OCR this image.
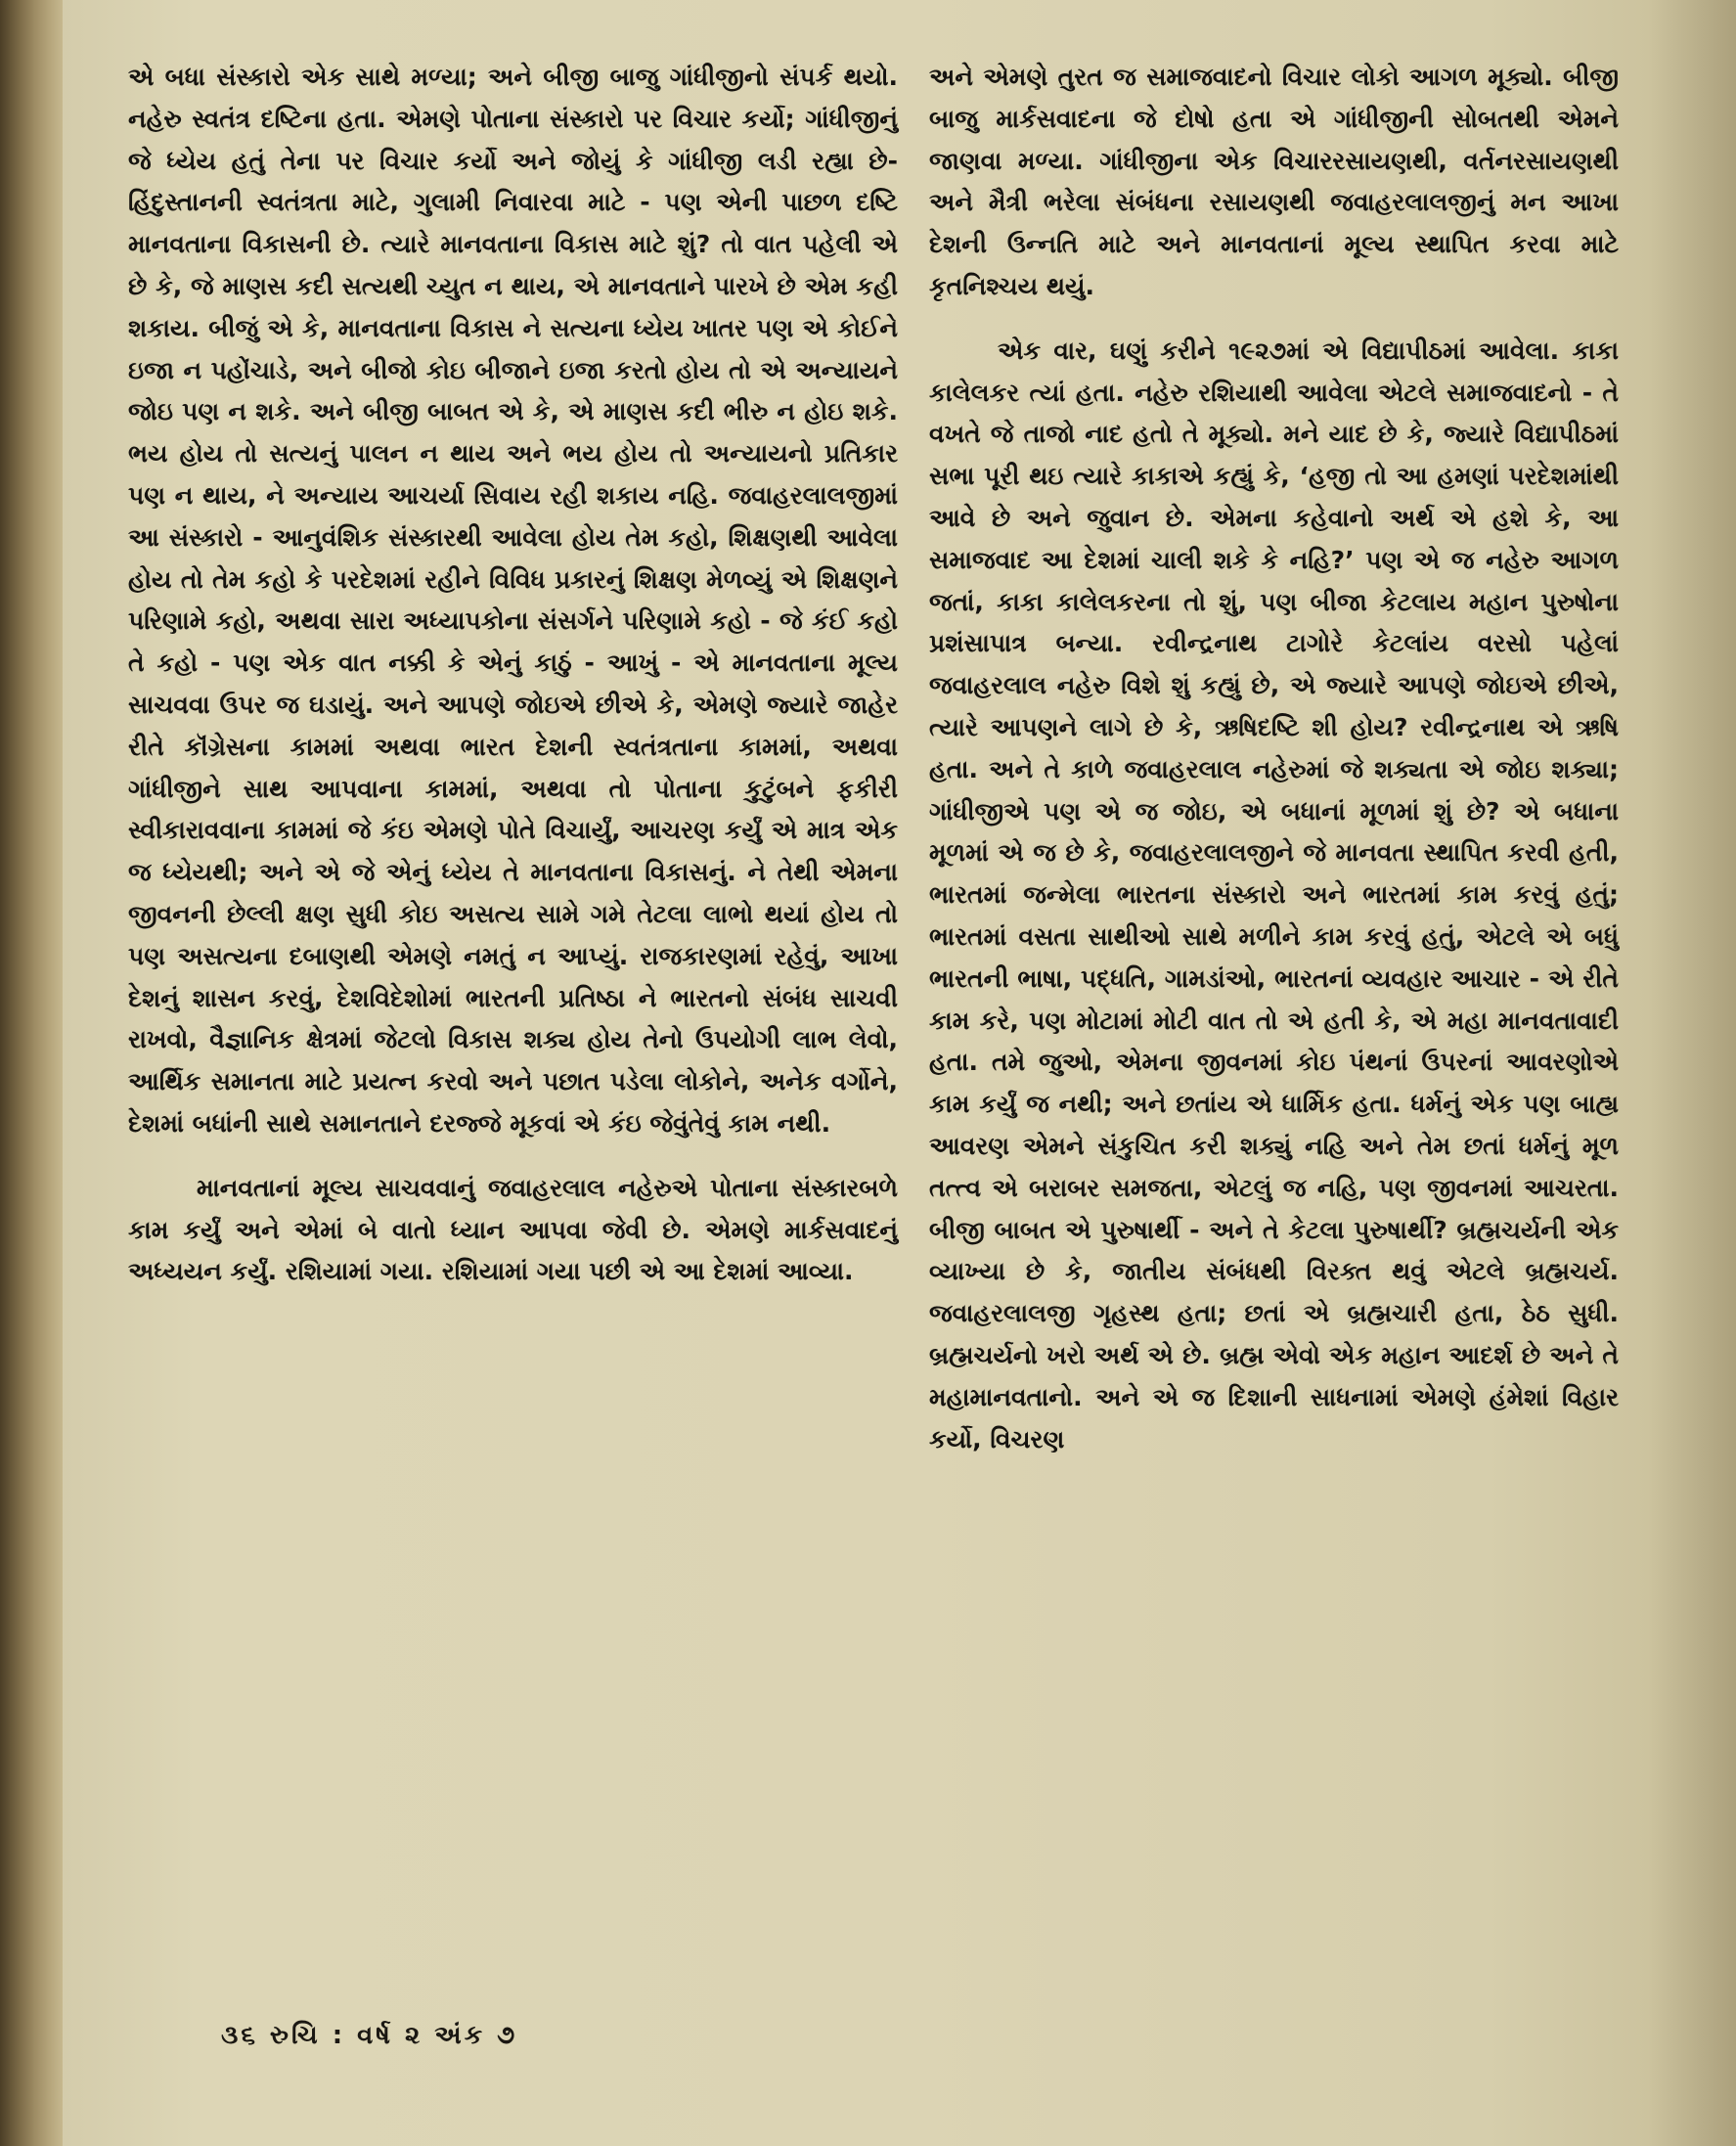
એ બધા સંસ્કારો એક સાથે મળ્યા; અને બીજી બાજુ ગાંધીજીનો સંપર્ક થયો. નહેરુ સ્વતંત્ર દષ્ટિના હતા. એમણે પોતાના સંસ્કારો પર વિચાર કર્યો; ગાંધીજીનું જે ધ્યેય હતું તેના પર વિચાર કર્યો અને જોયું કે ગાંધીજી લડી રહ્યા છે- હિંદુસ્તાનની સ્વતંત્રતા માટે, ગુલામી નિવારવા માટે - પણ એની પાછળ દષ્ટિ માનવતાના વિકાસની છે. ત્યારે માનવતાના વિકાસ માટે શું? તો વાત પહેલી એ છે કે, જે માણસ કદી સત્યથી ચ્યુત ન થાય, એ માનવતાને પારખે છે એમ કહી શકાય. બીજું એ કે, માનવતાના વિકાસ ને સત્યના ધ્યેય ખાતર પણ એ કોઈને ઇજા ન પહોંચાડે, અને બીજો કોઇ બીજાને ઇજા કરતો હોય તો એ અન્યાયને જોઇ પણ ન શકે. અને બીજી બાબત એ કે, એ માણસ કદી ભીરુ ન હોઇ શકે. ભય હોય તો સત્યનું પાલન ન થાય અને ભય હોય તો અન્યાયનો પ્રતિકાર પણ ન થાય, ને અન્યાય આચર્યા સિવાય રહી શકાય નહિ. જવાહરલાલજીમાં આ સંસ્કારો - આનુવંશિક સંસ્કારથી આવેલા હોય તેમ કહો, શિક્ષણથી આવેલા હોય તો તેમ કહો કે પરદેશમાં રહીને વિવિધ પ્રકારનું શિક્ષણ મેળવ્યું એ શિક્ષણને પરિણામે કહો, અથવા સારા અધ્યાપકોના સંસર્ગને પરિણામે કહો - જે કંઈ કહો તે કહો - પણ એક વાત નક્કી કે એનું કાઠું - આખું - એ માનવતાના મૂલ્ય સાચવવા ઉપર જ ઘડાયું. અને આપણે જોઇએ છીએ કે, એમણે જ્યારે જાહેર રીતે કૉંગ્રેસના કામમાં અથવા ભારત દેશની સ્વતંત્રતાના કામમાં, અથવા ગાંધીજીને સાથ આપવાના કામમાં, અથવા તો પોતાના કુટુંબને ફકીરી સ્વીકારાવવાના કામમાં જે કંઇ એમણે પોતે વિચાર્યું, આચરણ કર્યું એ માત્ર એક જ ધ્યેયથી; અને એ જે એનું ધ્યેય તે માનવતાના વિકાસનું. ને તેથી એમના જીવનની છેલ્લી ક્ષણ સુધી કોઇ અસત્ય સામે ગમે તેટલા લાભો થયાં હોય તો પણ અસત્યના દબાણથી એમણે નમતું ન આપ્યું. રાજકારણમાં રહેવું, આખા દેશનું શાસન કરવું, દેશવિદેશોમાં ભારતની પ્રતિષ્ઠા ને ભારતનો સંબંધ સાચવી રાખવો, વૈજ્ઞાનિક ક્ષેત્રમાં જેટલો વિકાસ શક્ય હોય તેનો ઉપયોગી લાભ લેવો, આર્થિક સમાનતા માટે પ્રયત્ન કરવો અને પછાત પડેલા લોકોને, અનેક વર્ગોને, દેશમાં બધાંની સાથે સમાનતાને દરજ્જે મૂકવાં એ કંઇ જેવુંતેવું કામ નથી.

માનવતાનાં મૂલ્ય સાચવવાનું જવાહરલાલ નહેરુએ પોતાના સંસ્કારબળે કામ કર્યું અને એમાં બે વાતો ધ્યાન આપવા જેવી છે. એમણે માર્કસવાદનું અધ્યયન કર્યું. રશિયામાં ગયા. રશિયામાં ગયા પછી એ આ દેશમાં આવ્યા.

અને એમણે તુરત જ સમાજવાદનો વિચાર લોકો આગળ મૂક્યો. બીજી બાજુ માર્કસવાદના જે દોષો હતા એ ગાંધીજીની સોબતથી એમને જાણવા મળ્યા. ગાંધીજીના એક વિચારરસાયણથી, વર્તનરસાયણથી અને મૈત્રી ભરેલા સંબંધના રસાયણથી જવાહરલાલજીનું મન આખા દેશની ઉન્નતિ માટે અને માનવતાનાં મૂલ્ય સ્થાપિત કરવા માટે કૃતનિશ્ચય થયું.

એક વાર, ઘણું કરીને ૧૯૨૭માં એ વિદ્યાપીઠમાં આવેલા. કાકા કાલેલકર ત્યાં હતા. નહેરુ રશિયાથી આવેલા એટલે સમાજવાદનો - તે વખતે જે તાજો નાદ હતો તે મૂક્યો. મને યાદ છે કે, જ્યારે વિદ્યાપીઠમાં સભા પૂરી થઇ ત્યારે કાકાએ કહ્યું કે, ‘હજી તો આ હમણાં પરદેશમાંથી આવે છે અને જુવાન છે. એમના કહેવાનો અર્થ એ હશે કે, આ સમાજવાદ આ દેશમાં ચાલી શકે કે નહિ?’ પણ એ જ નહેરુ આગળ જતાં, કાકા કાલેલકરના તો શું, પણ બીજા કેટલાય મહાન પુરુષોના પ્રશંસાપાત્ર બન્યા. રવીન્દ્રનાથ ટાગોરે કેટલાંય વરસો પહેલાં જવાહરલાલ નહેરુ વિશે શું કહ્યું છે, એ જ્યારે આપણે જોઇએ છીએ, ત્યારે આપણને લાગે છે કે, ઋષિદષ્ટિ શી હોય? રવીન્દ્રનાથ એ ઋષિ હતા. અને તે કાળે જવાહરલાલ નહેરુમાં જે શક્યતા એ જોઇ શક્યા; ગાંધીજીએ પણ એ જ જોઇ, એ બધાનાં મૂળમાં શું છે? એ બધાના મૂળમાં એ જ છે કે, જવાહરલાલજીને જે માનવતા સ્થાપિત કરવી હતી, ભારતમાં જન્મેલા ભારતના સંસ્કારો અને ભારતમાં કામ કરવું હતું; ભારતમાં વસતા સાથીઓ સાથે મળીને કામ કરવું હતું, એટલે એ બધું ભારતની ભાષા, પદ્ધતિ, ગામડાંઓ, ભારતનાં વ્યવહાર આચાર - એ રીતે કામ કરે, પણ મોટામાં મોટી વાત તો એ હતી કે, એ મહા માનવતાવાદી હતા. તમે જુઓ, એમના જીવનમાં કોઇ પંથનાં ઉપરનાં આવરણોએ કામ કર્યું જ નથી; અને છતાંય એ ધાર્મિક હતા. ધર્મનું એક પણ બાહ્ય આવરણ એમને સંકુચિત કરી શક્યું નહિ અને તેમ છતાં ધર્મનું મૂળ તત્ત્વ એ બરાબર સમજતા, એટલું જ નહિ, પણ જીવનમાં આચરતા. બીજી બાબત એ પુરુષાર્થી - અને તે કેટલા પુરુષાર્થી? બ્રહ્મચર્યની એક વ્યાખ્યા છે કે, જાતીય સંબંધથી વિરક્ત થવું એટલે બ્રહ્મચર્ય. જવાહરલાલજી ગૃહસ્થ હતા; છતાં એ બ્રહ્મચારી હતા, ઠેઠ સુધી. બ્રહ્મચર્યનો ખરો અર્થ એ છે. બ્રહ્મ એવો એક મહાન આદર્શ છે અને તે મહામાનવતાનો. અને એ જ દિશાની સાધનામાં એમણે હંમેશાં વિહાર કર્યો, વિચરણ

૩૬ રુચિ : વર્ષ ૨ અંક ૭
